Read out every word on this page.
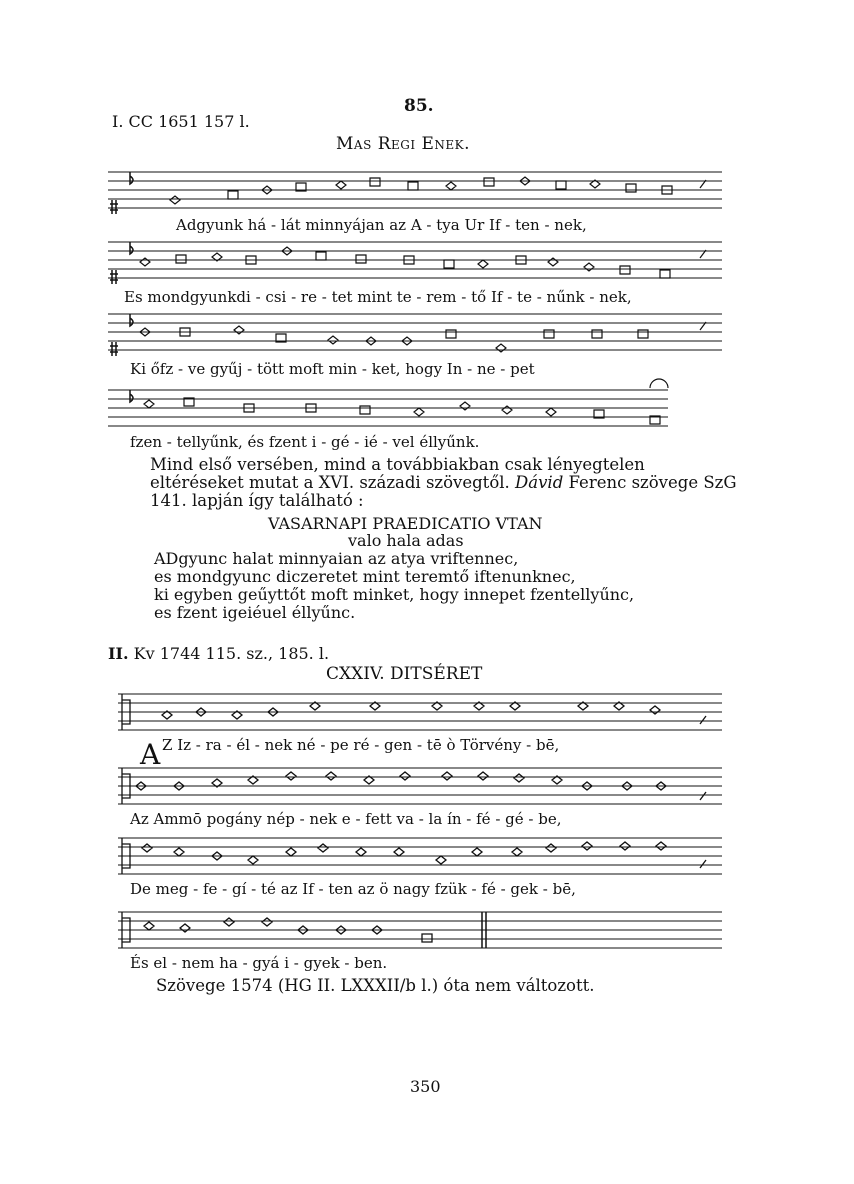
85.
I. CC 1651 157 l.
Mas Regi Enek.
Adgyunk há - lát minnyájan az A - tya Ur If - ten - nek,
Es mondgyunkdi - csi - re - tet mint te - rem - tő If - te - nűnk - nek,
Ki őfz - ve gyűj - tött moft min - ket, hogy In - ne - pet
fzen - tellyűnk, és fzent i - gé - ié - vel éllyűnk.
Mind első versében, mind a továbbiakban csak lényegtelen eltéréseket mutat a XVI. századi szövegtől. Dávid Ferenc szövege SzG 141. lapján így található :
VASARNAPI PRAEDICATIO VTAN
valo hala adas
ADgyunc halat minnyaian az atya vriftennec,
es mondgyunc diczeretet mint teremtő iftenunknec,
ki egyben geűyttőt moft minket, hogy innepet fzentellyűnc,
es fzent igeiéuel éllyűnc.
II. Kv 1744 115. sz., 185. l.
CXXIV. DITSÉRET
A Z Iz - ra - él - nek né - pe ré - gen - tē ò Törvény - bē,
Az Ammō pogány nép - nek e - fett va - la ín - fé - gé - be,
De meg - fe - gí - té az If - ten az ö nagy fzük - fé - gek - bē,
És el - nem ha - gyá i - gyek - ben.
Szövege 1574 (HG II. LXXXII/b l.) óta nem változott.
350
